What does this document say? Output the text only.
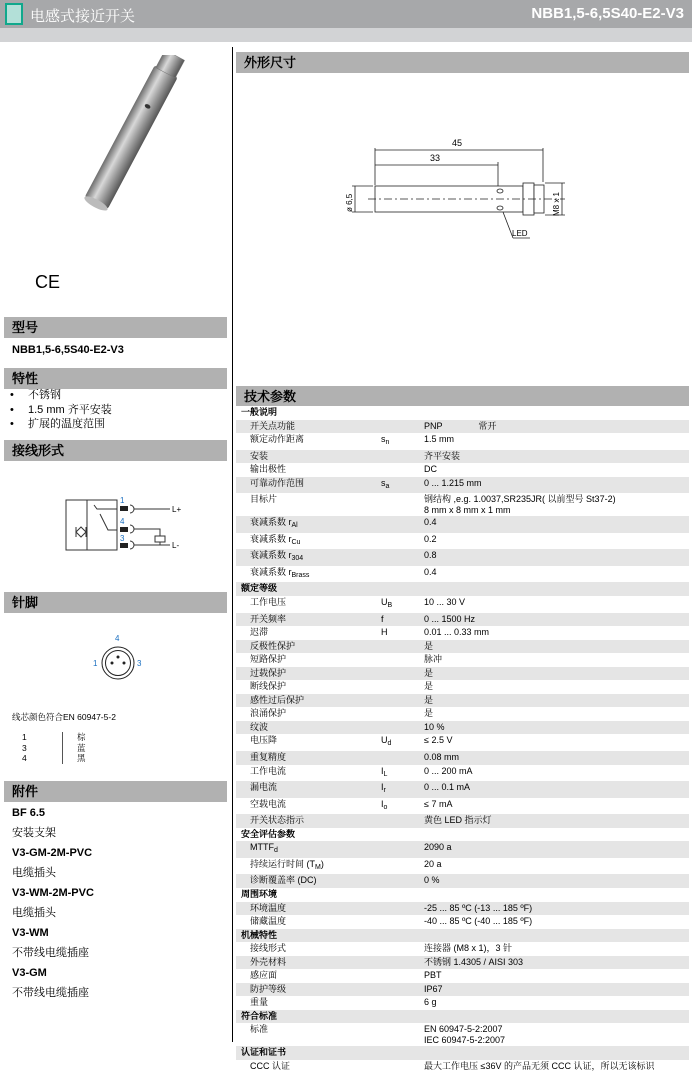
电感式接近开关	NBB1,5-6,5S40-E2-V3
CE
型号
NBB1,5-6,5S40-E2-V3
特性
• 不锈钢
• 1.5 mm 齐平安装
• 扩展的温度范围
接线形式
1
4
3
L+
L-
针脚
4
1	3
线芯颜色符合EN 60947-5-2
1	棕
3	蓝
4	黑
附件
BF 6.5
安装支架
V3-GM-2M-PVC
电缆插头
V3-WM-2M-PVC
电缆插头
V3-WM
不带线电缆插座
V3-GM
不带线电缆插座
外形尺寸
45
33
ø 6,5	M8 x 1
LED
技术参数
一般说明
开关点功能	PNP　　　　常开
额定动作距离	$s_n$	1.5 mm
安装	齐平安装
输出极性	DC
可靠动作范围	$s_a$	0 ... 1.215 mm
目标片	钢结构 ,e.g. 1.0037,SR235JR( 以前型号 St37-2)
8 mm x 8 mm x 1 mm
衰减系数 $r_{Al}$	0.4
衰减系数 $r_{Cu}$	0.2
衰减系数 $r_{304}$	0.8
衰减系数 $r_{Brass}$	0.4
额定等级
工作电压	$U_B$	10 ... 30 V
开关频率	f	0 ... 1500 Hz
迟滞	H	0.01 ... 0.33 mm
反极性保护	是
短路保护	脉冲
过载保护	是
断线保护	是
感性过后保护	是
浪涌保护	是
纹波	10 %
电压降	$U_d$	≤ 2.5 V
重复精度	0.08 mm
工作电流	$I_L$	0 ... 200 mA
漏电流	$I_r$	0 ... 0.1 mA
空载电流	$I_o$	≤ 7 mA
开关状态指示	黄色 LED 指示灯
安全评估参数
$MTTF_d$	2090 a
持续运行时间 $(T_M)$	20 a
诊断覆盖率 (DC)	0 %
周围环境
环境温度	-25 ... 85 ºC (-13 ... 185 ºF)
储藏温度	-40 ... 85 ºC (-40 ... 185 ºF)
机械特性
接线形式	连接器 (M8 x 1)，3 针
外壳材料	不锈钢 1.4305 / AISI 303
感应面	PBT
防护等级	IP67
重量	6 g
符合标准
标准	EN 60947-5-2:2007
IEC 60947-5-2:2007
认证和证书
CCC 认证	最大工作电压 ≤36V 的产品无须 CCC 认证，所以无该标识
